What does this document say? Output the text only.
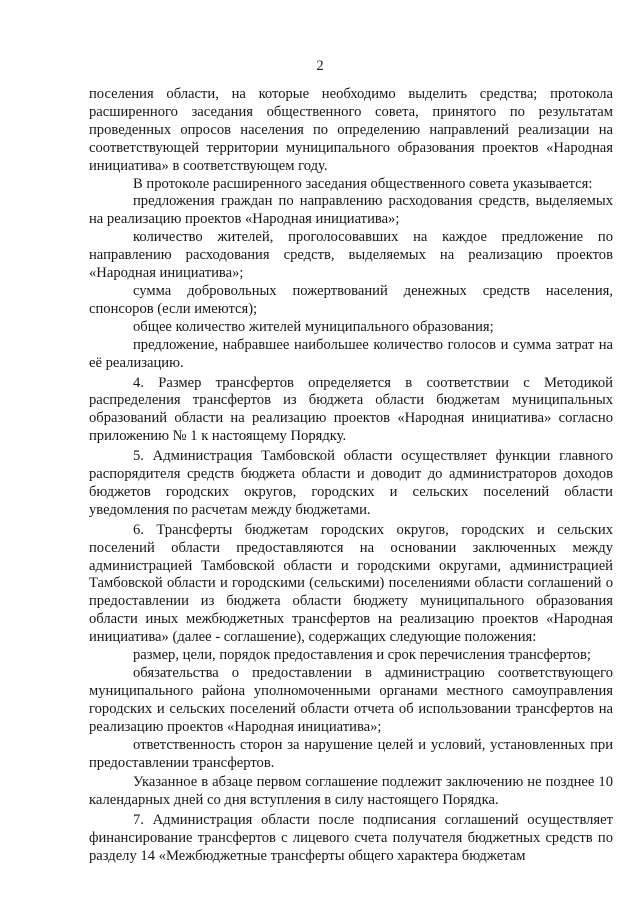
2

поселения области, на которые необходимо выделить средства; протокола расширенного заседания общественного совета, принятого по результатам проведенных опросов населения по определению направлений реализации на соответствующей территории муниципального образования проектов «Народная инициатива» в соответствующем году.

В протоколе расширенного заседания общественного совета указывается:

предложения граждан по направлению расходования средств, выделяемых на реализацию проектов «Народная инициатива»;

количество жителей, проголосовавших на каждое предложение по направлению расходования средств, выделяемых на реализацию проектов «Народная инициатива»;

сумма добровольных пожертвований денежных средств населения, спонсоров (если имеются);

общее количество жителей муниципального образования;

предложение, набравшее наибольшее количество голосов и сумма затрат на её реализацию.

4. Размер трансфертов определяется в соответствии с Методикой распределения трансфертов из бюджета области бюджетам муниципальных образований области на реализацию проектов «Народная инициатива» согласно приложению № 1 к настоящему Порядку.

5. Администрация Тамбовской области осуществляет функции главного распорядителя средств бюджета области и доводит до администраторов доходов бюджетов городских округов, городских и сельских поселений области уведомления по расчетам между бюджетами.

6. Трансферты бюджетам городских округов, городских и сельских поселений области предоставляются на основании заключенных между администрацией Тамбовской области и городскими округами, администрацией Тамбовской области и городскими (сельскими) поселениями области соглашений о предоставлении из бюджета области бюджету муниципального образования области иных межбюджетных трансфертов на реализацию проектов «Народная инициатива» (далее - соглашение), содержащих следующие положения:

размер, цели, порядок предоставления и срок перечисления трансфертов;

обязательства о предоставлении в администрацию соответствующего муниципального района уполномоченными органами местного самоуправления городских и сельских поселений области отчета об использовании трансфертов на реализацию проектов «Народная инициатива»;

ответственность сторон за нарушение целей и условий, установленных при предоставлении трансфертов.

Указанное в абзаце первом соглашение подлежит заключению не позднее 10 календарных дней со дня вступления в силу настоящего Порядка.

7. Администрация области после подписания соглашений осуществляет финансирование трансфертов с лицевого счета получателя бюджетных средств по разделу 14 «Межбюджетные трансферты общего характера бюджетам
